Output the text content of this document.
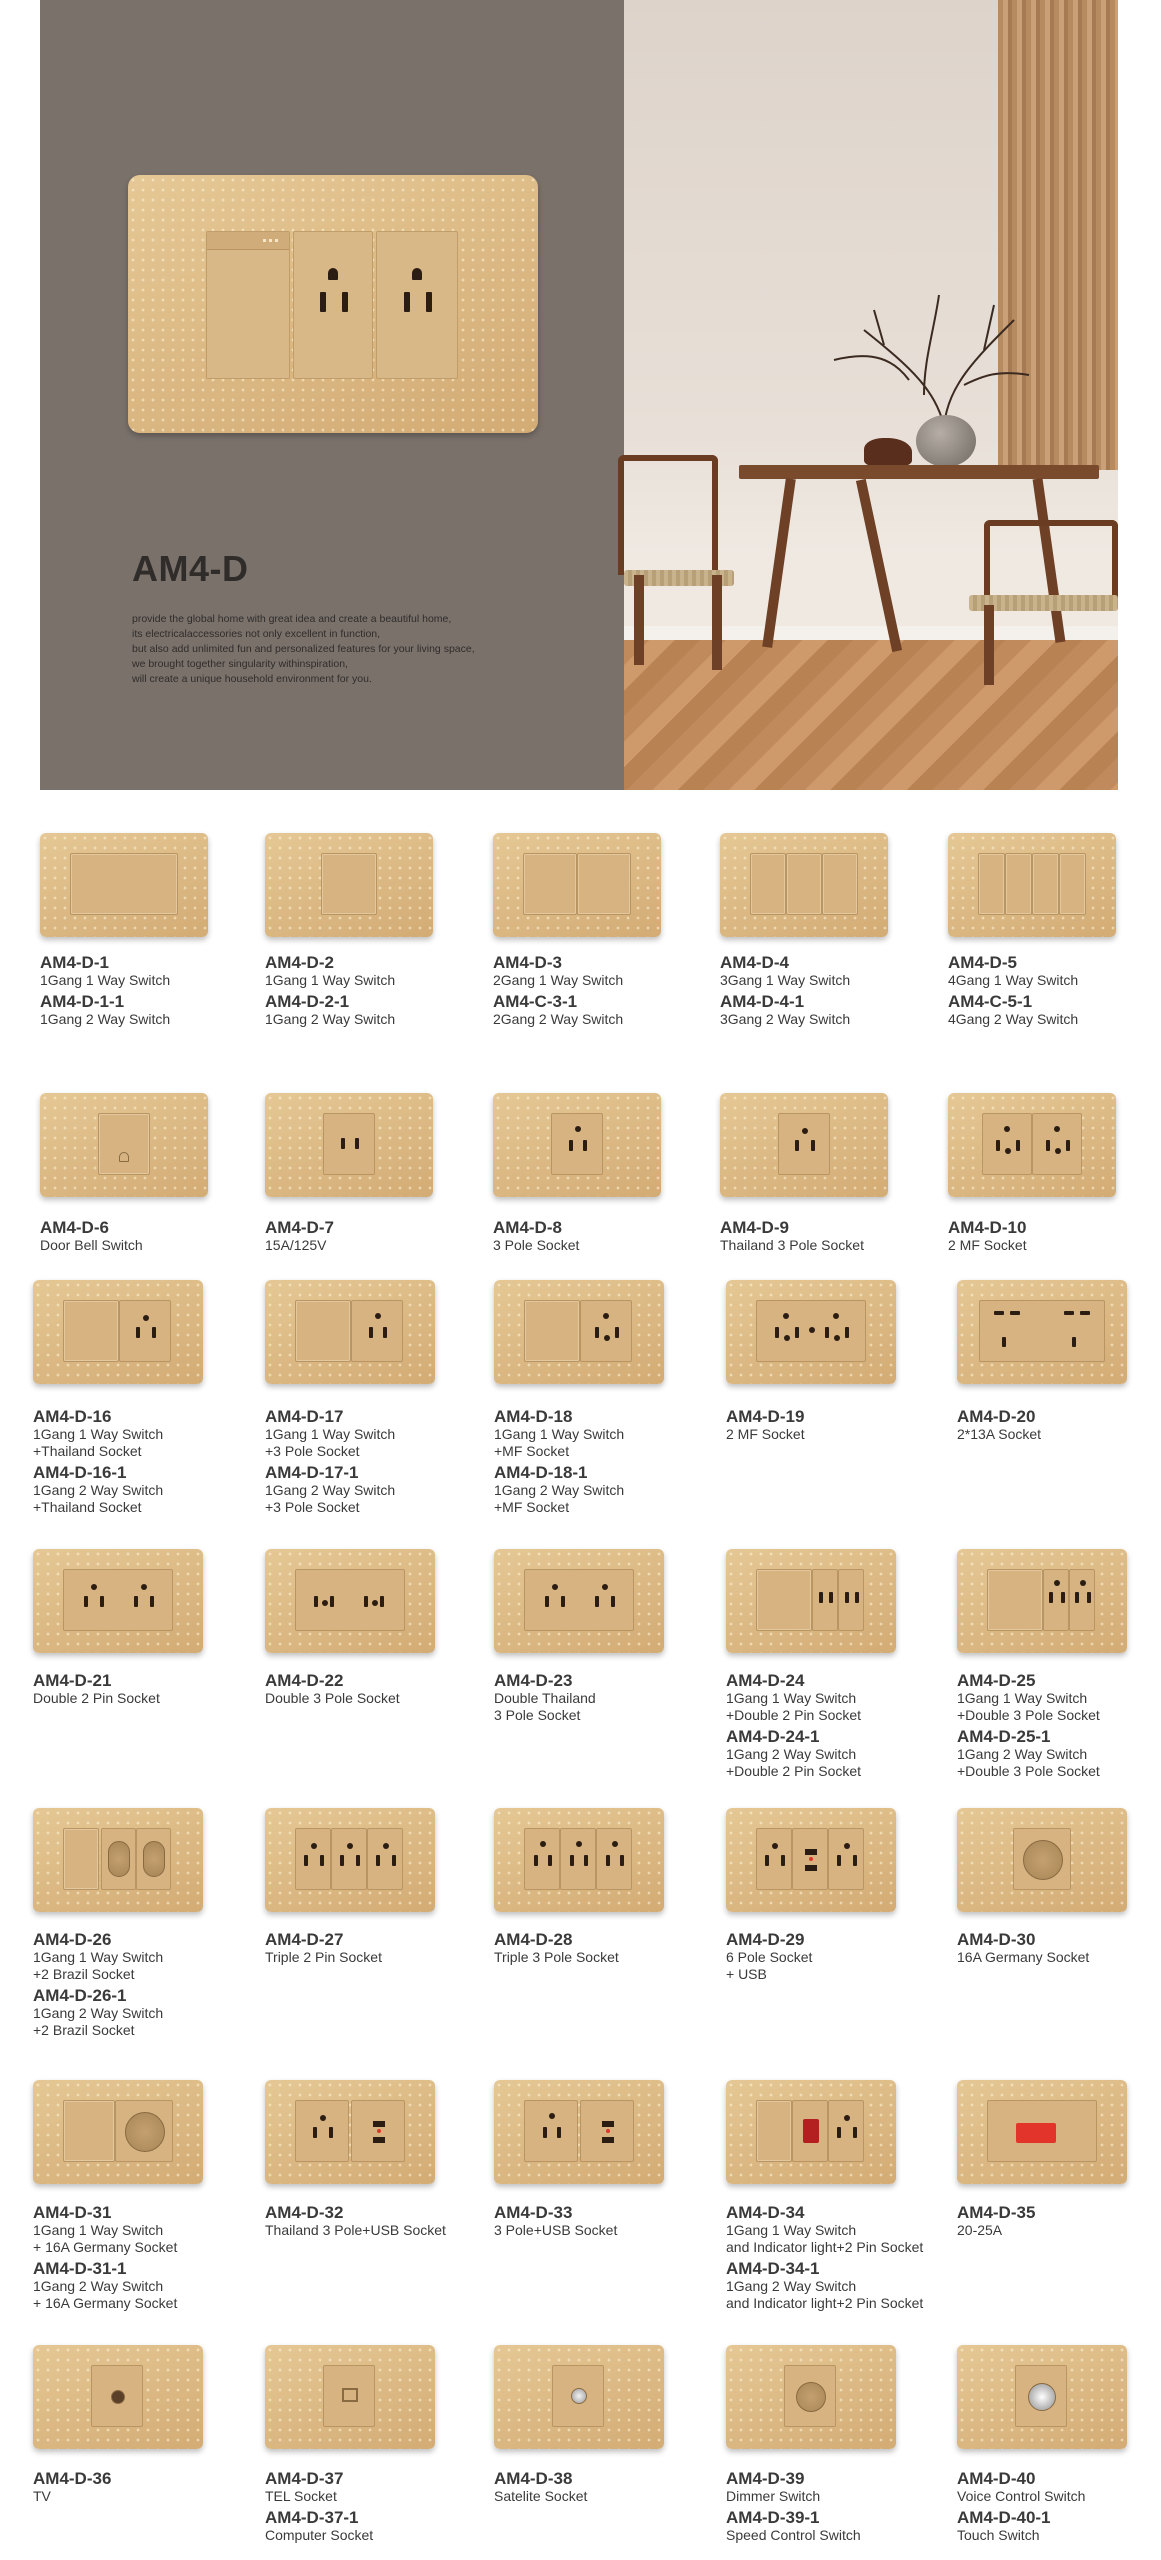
AM4-D
provide the global home with great idea and create a beautiful home,
its electricalaccessories not only excellent in function,
but also add unlimited fun and personalized features for your living space,
we brought together singularity withinspiration,
will create a unique household environment for you.
AM4-D-1
1Gang 1 Way Switch
AM4-D-1-1
1Gang 2 Way Switch
AM4-D-2
1Gang 1 Way Switch
AM4-D-2-1
1Gang 2 Way Switch
AM4-D-3
2Gang 1 Way Switch
AM4-C-3-1
2Gang 2 Way Switch
AM4-D-4
3Gang 1 Way Switch
AM4-D-4-1
3Gang 2 Way Switch
AM4-D-5
4Gang 1 Way Switch
AM4-C-5-1
4Gang 2 Way Switch
AM4-D-6
Door Bell Switch
AM4-D-7
15A/125V
AM4-D-8
3 Pole Socket
AM4-D-9
Thailand 3 Pole Socket
AM4-D-10
2 MF Socket
AM4-D-16
1Gang 1 Way Switch
+Thailand Socket
AM4-D-16-1
1Gang 2 Way Switch
+Thailand Socket
AM4-D-17
1Gang 1 Way Switch
+3 Pole Socket
AM4-D-17-1
1Gang 2 Way Switch
+3 Pole Socket
AM4-D-18
1Gang 1 Way Switch
+MF Socket
AM4-D-18-1
1Gang 2 Way Switch
+MF Socket
AM4-D-19
2 MF Socket
AM4-D-20
2*13A Socket
AM4-D-21
Double 2 Pin Socket
AM4-D-22
Double 3 Pole Socket
AM4-D-23
Double Thailand
3 Pole Socket
AM4-D-24
1Gang 1 Way Switch
+Double 2 Pin Socket
AM4-D-24-1
1Gang 2 Way Switch
+Double 2 Pin Socket
AM4-D-25
1Gang 1 Way Switch
+Double 3 Pole Socket
AM4-D-25-1
1Gang 2 Way Switch
+Double 3 Pole Socket
AM4-D-26
1Gang 1 Way Switch
+2 Brazil Socket
AM4-D-26-1
1Gang 2 Way Switch
+2 Brazil Socket
AM4-D-27
Triple 2 Pin Socket
AM4-D-28
Triple 3 Pole Socket
AM4-D-29
6 Pole Socket
+ USB
AM4-D-30
16A Germany Socket
AM4-D-31
1Gang 1 Way Switch
+ 16A Germany Socket
AM4-D-31-1
1Gang 2 Way Switch
+ 16A Germany Socket
AM4-D-32
Thailand 3 Pole+USB Socket
AM4-D-33
3 Pole+USB Socket
AM4-D-34
1Gang 1 Way Switch
and Indicator light+2 Pin Socket
AM4-D-34-1
1Gang 2 Way Switch
and Indicator light+2 Pin Socket
AM4-D-35
20-25A
AM4-D-36
TV
AM4-D-37
TEL Socket
AM4-D-37-1
Computer Socket
AM4-D-38
Satelite Socket
AM4-D-39
Dimmer Switch
AM4-D-39-1
Speed Control Switch
AM4-D-40
Voice Control Switch
AM4-D-40-1
Touch Switch
